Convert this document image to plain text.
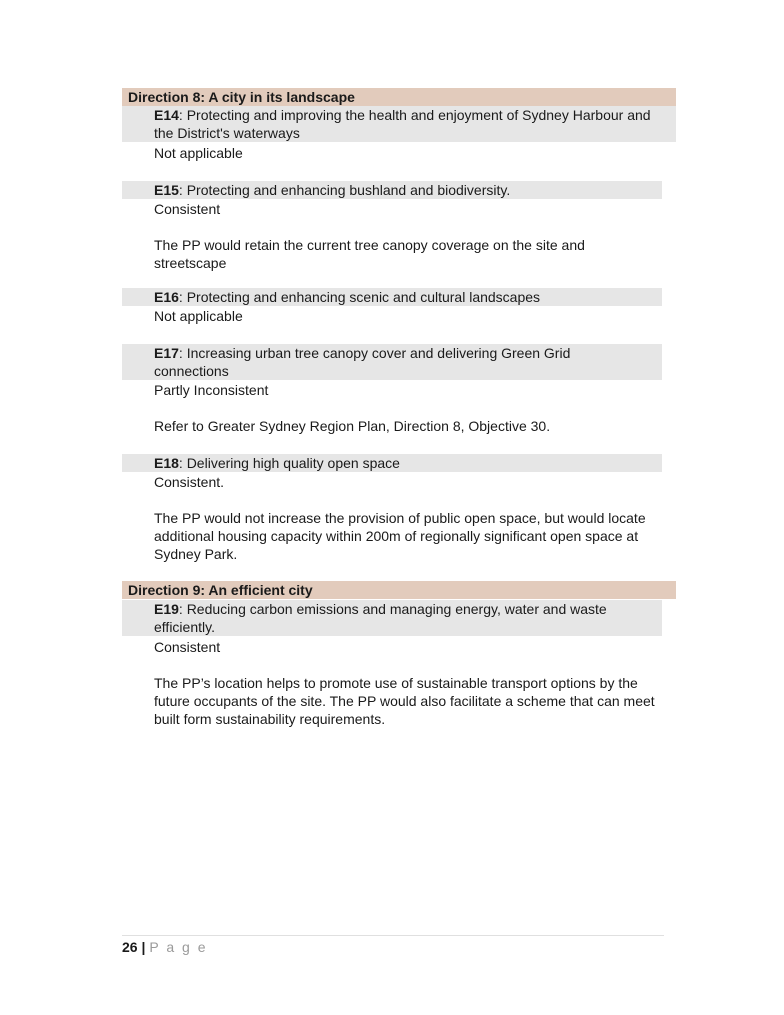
Direction 8: A city in its landscape
E14: Protecting and improving the health and enjoyment of Sydney Harbour and the District's waterways
Not applicable
E15: Protecting and enhancing bushland and biodiversity.
Consistent
The PP would retain the current tree canopy coverage on the site and streetscape
E16: Protecting and enhancing scenic and cultural landscapes
Not applicable
E17: Increasing urban tree canopy cover and delivering Green Grid connections
Partly Inconsistent
Refer to Greater Sydney Region Plan, Direction 8, Objective 30.
E18: Delivering high quality open space
Consistent.
The PP would not increase the provision of public open space, but would locate additional housing capacity within 200m of regionally significant open space at Sydney Park.
Direction 9: An efficient city
E19: Reducing carbon emissions and managing energy, water and waste efficiently.
Consistent
The PP’s location helps to promote use of sustainable transport options by the future occupants of the site. The PP would also facilitate a scheme that can meet built form sustainability requirements.
26 | P a g e
